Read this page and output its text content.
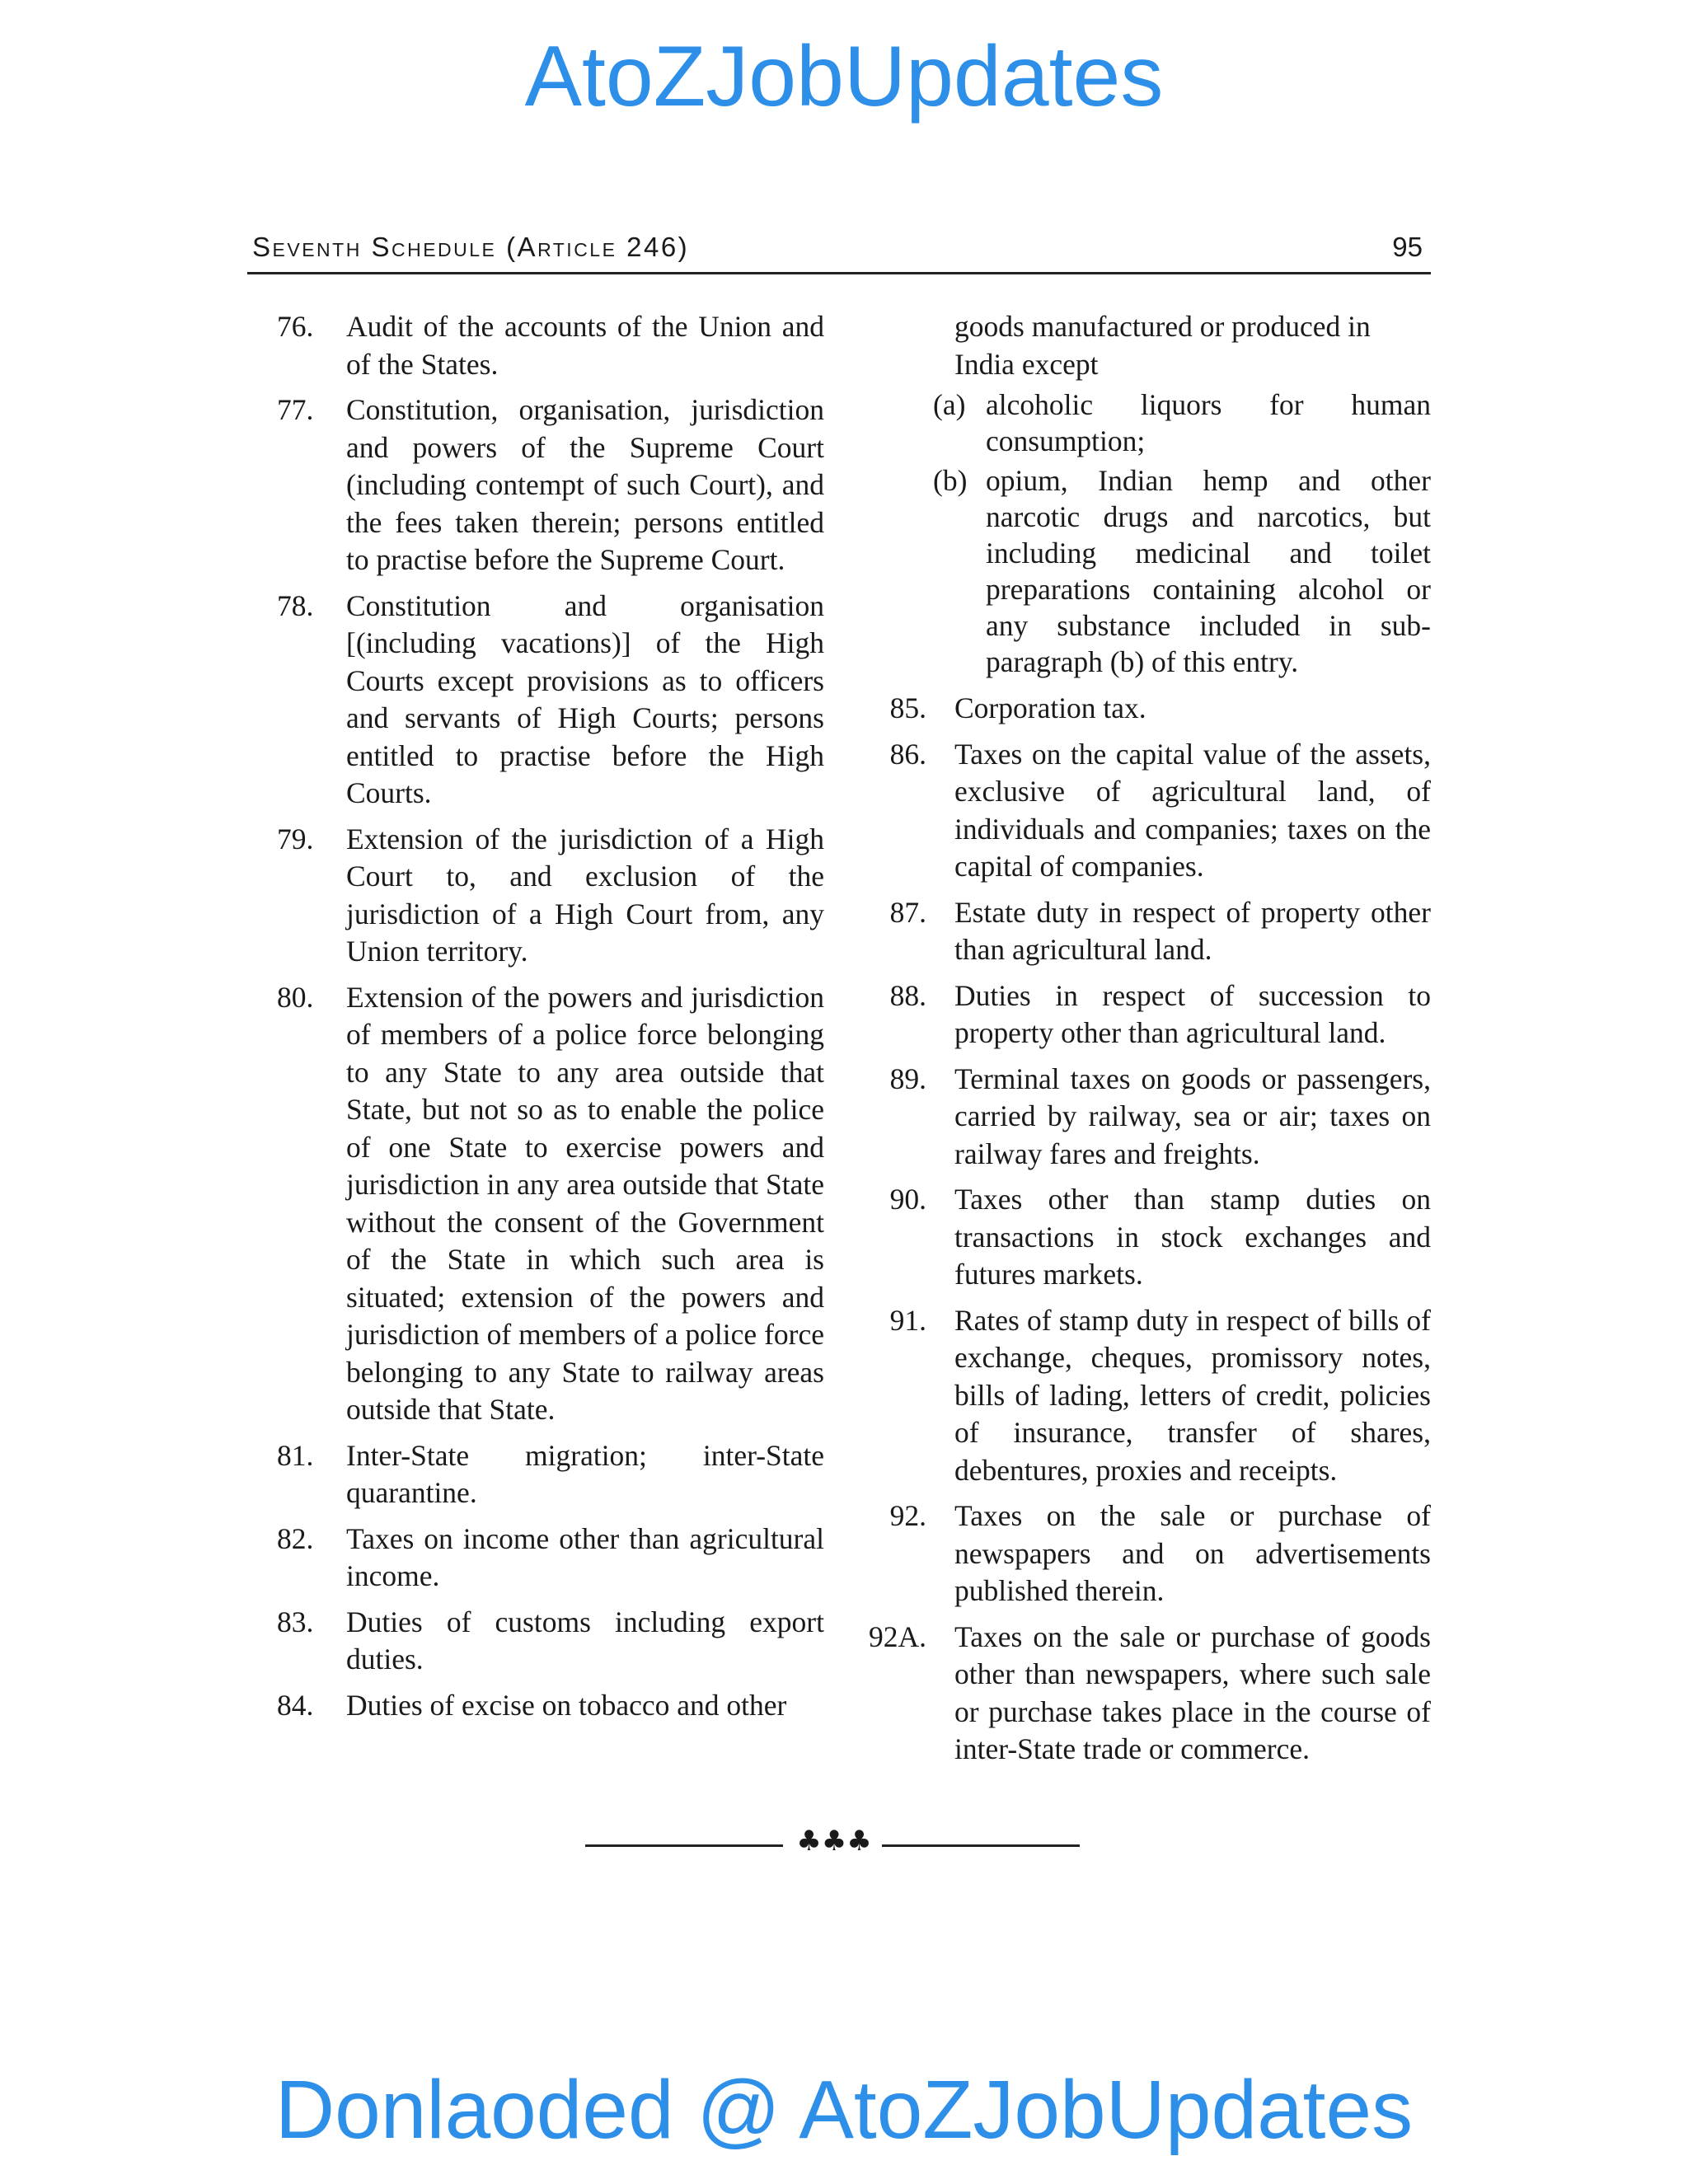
AtoZJobUpdates
Seventh Schedule (Article 246)	95
76.	Audit of the accounts of the Union and of the States.
77.	Constitution, organisation, jurisdiction and powers of the Supreme Court (including contempt of such Court), and the fees taken therein; persons entitled to practise before the Supreme Court.
78.	Constitution and organisation [(including vacations)] of the High Courts except provisions as to officers and servants of High Courts; persons entitled to practise before the High Courts.
79.	Extension of the jurisdiction of a High Court to, and exclusion of the jurisdiction of a High Court from, any Union territory.
80.	Extension of the powers and jurisdiction of members of a police force belonging to any State to any area outside that State, but not so as to enable the police of one State to exercise powers and jurisdiction in any area outside that State without the consent of the Government of the State in which such area is situated; extension of the powers and jurisdiction of members of a police force belonging to any State to railway areas outside that State.
81.	Inter-State migration; inter-State quarantine.
82.	Taxes on income other than agricultural income.
83.	Duties of customs including export duties.
84.	Duties of excise on tobacco and other
goods manufactured or produced in India except
(a) alcoholic liquors for human consumption;
(b) opium, Indian hemp and other narcotic drugs and narcotics, but including medicinal and toilet preparations containing alcohol or any substance included in sub-paragraph (b) of this entry.
85. Corporation tax.
86. Taxes on the capital value of the assets, exclusive of agricultural land, of individuals and companies; taxes on the capital of companies.
87. Estate duty in respect of property other than agricultural land.
88. Duties in respect of succession to property other than agricultural land.
89. Terminal taxes on goods or passengers, carried by railway, sea or air; taxes on railway fares and freights.
90. Taxes other than stamp duties on transactions in stock exchanges and futures markets.
91. Rates of stamp duty in respect of bills of exchange, cheques, promissory notes, bills of lading, letters of credit, policies of insurance, transfer of shares, debentures, proxies and receipts.
92. Taxes on the sale or purchase of newspapers and on advertisements published therein.
92A. Taxes on the sale or purchase of goods other than newspapers, where such sale or purchase takes place in the course of inter-State trade or commerce.
♣♣♣
Donlaoded @ AtoZJobUpdates
